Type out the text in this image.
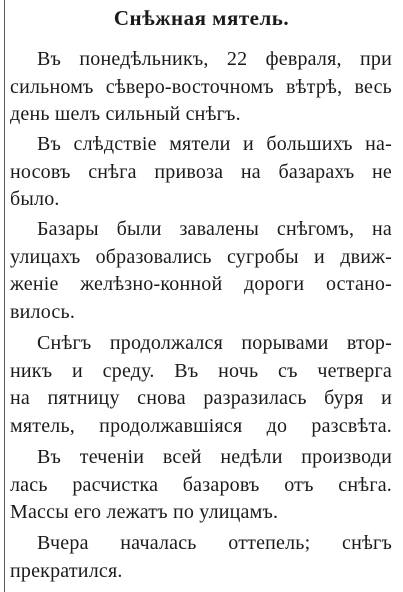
Снѣжная мятель.
Въ понедѣльникъ, 22 февраля, при
сильномъ сѣверо-восточномъ вѣтрѣ, весь
день шелъ сильный снѣгъ.
Въ слѣдствіе мятели и большихъ на-
носовъ снѣга привоза на базарахъ не
было.
Базары были завалены снѣгомъ, на
улицахъ образовались сугробы и движ-
женіе желѣзно-конной дороги остано-
вилось.
Снѣгъ продолжался порывами втор-
никъ и среду. Въ ночь съ четверга
на пятницу снова разразилась буря и
мятель, продолжавшіяся до разсвѣта.
Въ теченіи всей недѣли производи
лась расчистка базаровъ отъ снѣга.
Массы его лежатъ по улицамъ.
Вчера началась оттепель; снѣгъ
прекратился.
